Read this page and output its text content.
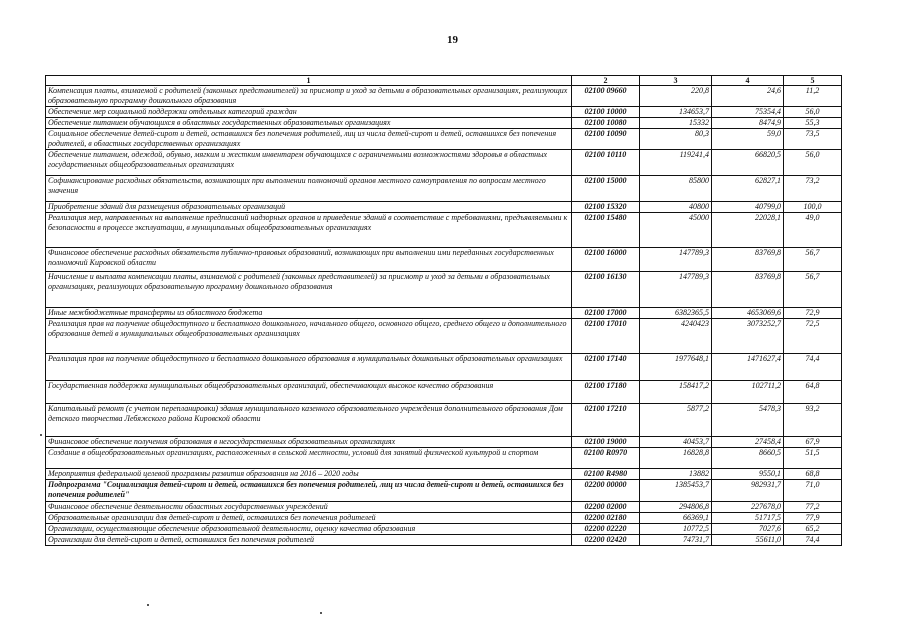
19
1	2	3	4	5
Компенсация платы, взимаемой с родителей (законных представителей) за присмотр и уход за детьми в образовательных организациях, реализующих образовательную программу дошкольного образования	02100 09660	220,8	24,6	11,2
Обеспечение мер социальной поддержки отдельных категорий граждан	02100 10000	134653,7	75354,4	56,0
Обеспечение питанием обучающихся в областных государственных образовательных организациях	02100 10080	15332	8474,9	55,3
Социальное обеспечение детей-сирот и детей, оставшихся без попечения родителей, лиц из числа детей-сирот и детей, оставшихся без попечения родителей, в областных государственных организациях	02100 10090	80,3	59,0	73,5
Обеспечение питанием, одеждой, обувью, мягким и жестким инвентарем обучающихся с ограниченными возможностями здоровья в областных государственных общеобразовательных организациях	02100 10110	119241,4	66820,5	56,0
Софинансирование расходных обязательств, возникающих при выполнении полномочий органов местного самоуправления по вопросам местного значения	02100 15000	85800	62827,1	73,2
Приобретение зданий для размещения образовательных организаций	02100 15320	40800	40799,0	100,0
Реализация мер, направленных на выполнение предписаний надзорных органов и приведение зданий в соответствие с требованиями, предъявляемыми к безопасности в процессе эксплуатации, в муниципальных общеобразовательных организациях	02100 15480	45000	22028,1	49,0
Финансовое обеспечение расходных обязательств публично-правовых образований, возникающих при выполнении ими переданных государственных полномочий Кировской области	02100 16000	147789,3	83769,8	56,7
Начисление и выплата компенсации платы, взимаемой с родителей (законных представителей) за присмотр и уход за детьми в образовательных организациях, реализующих образовательную программу дошкольного образования	02100 16130	147789,3	83769,8	56,7
Иные межбюджетные трансферты из областного бюджета	02100 17000	6382365,5	4653069,6	72,9
Реализация прав на получение общедоступного и бесплатного дошкольного, начального общего, основного общего, среднего общего и дополнительного образования детей в муниципальных общеобразовательных организациях	02100 17010	4240423	3073252,7	72,5
Реализация прав на получение общедоступного и бесплатного дошкольного образования в муниципальных дошкольных образовательных организациях	02100 17140	1977648,1	1471627,4	74,4
Государственная поддержка муниципальных общеобразовательных организаций, обеспечивающих высокое качество образования	02100 17180	158417,2	102711,2	64,8
Капитальный ремонт (с учетом перепланировки) здания муниципального казенного образовательного учреждения дополнительного образования Дом детского творчества Лебяжского района Кировской области	02100 17210	5877,2	5478,3	93,2
Финансовое обеспечение получения образования в негосударственных образовательных организациях	02100 19000	40453,7	27458,4	67,9
Создание в общеобразовательных организациях, расположенных в сельской местности, условий для занятий физической культурой и спортом	02100 R0970	16828,8	8660,5	51,5
Мероприятия федеральной целевой программы развития образования на 2016 – 2020 годы	02100 R4980	13882	9550,1	68,8
Подпрограмма "Социализация детей-сирот и детей, оставшихся без попечения родителей, лиц из числа детей-сирот и детей, оставшихся без попечения родителей"	02200 00000	1385453,7	982931,7	71,0
Финансовое обеспечение деятельности областных государственных учреждений	02200 02000	294806,8	227678,0	77,2
Образовательные организации для детей-сирот и детей, оставшихся без попечения родителей	02200 02180	66369,1	51717,5	77,9
Организации, осуществляющие обеспечение образовательной деятельности, оценку качества образования	02200 02220	10772,5	7027,6	65,2
Организации для детей-сирот и детей, оставшихся без попечения родителей	02200 02420	74731,7	55611,0	74,4
